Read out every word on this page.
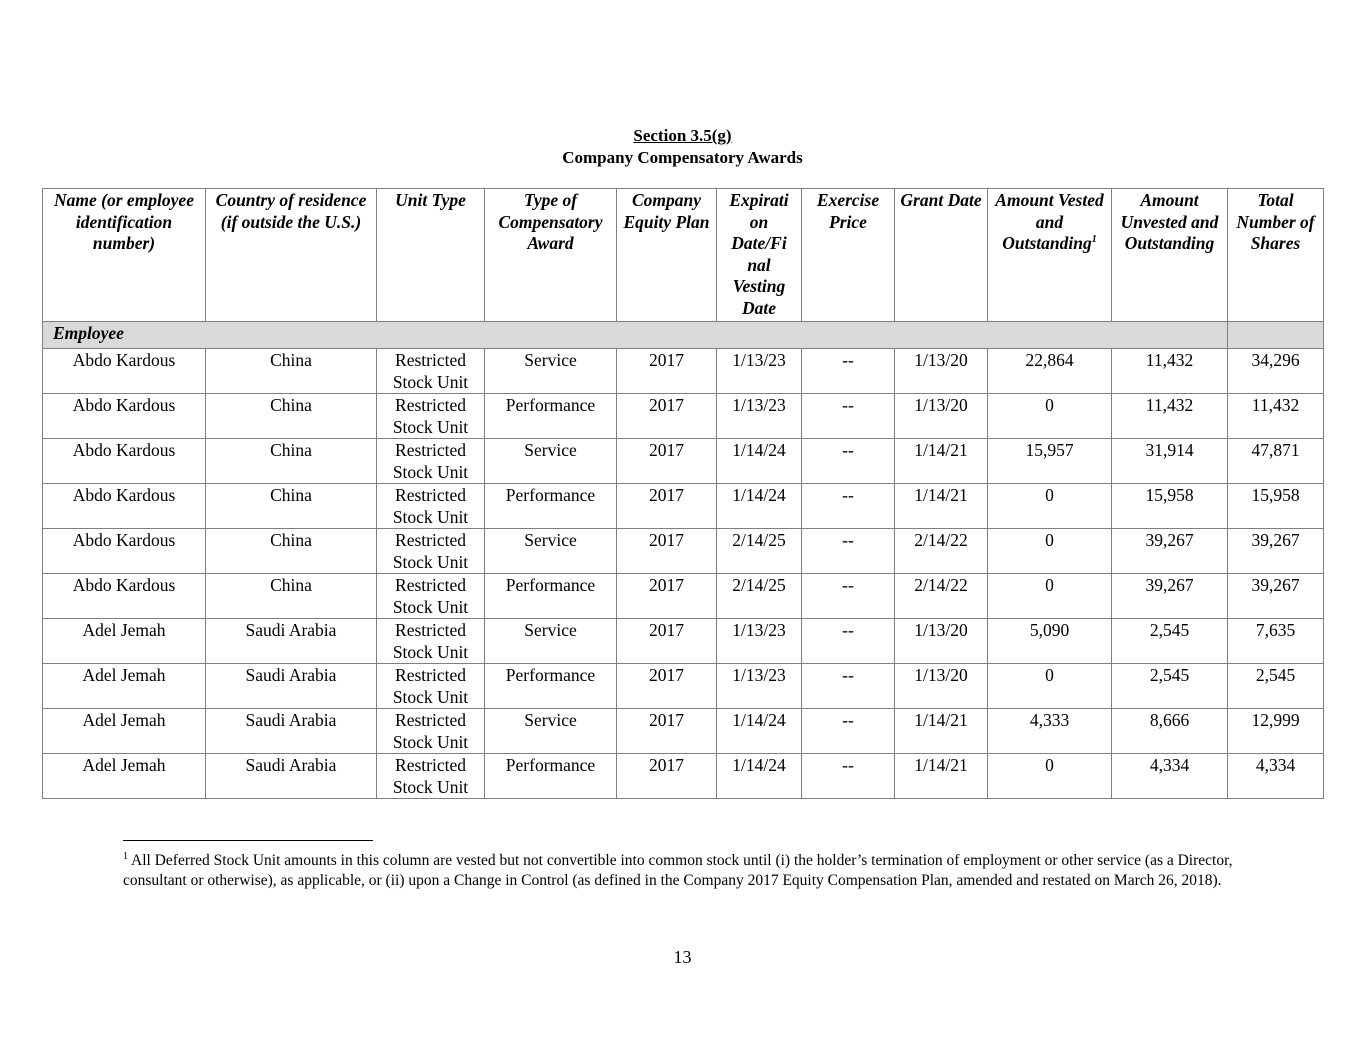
Section 3.5(g)
Company Compensatory Awards
Name (or employee identification number)	Country of residence (if outside the U.S.)	Unit Type	Type of Compensatory Award	Company Equity Plan	Expirati on Date/Fi nal Vesting Date	Exercise Price	Grant Date	Amount Vested and Outstanding$^1$	Amount Unvested and Outstanding	Total Number of Shares
Employee										
Abdo Kardous	China	Restricted Stock Unit	Service	2017	1/13/23	--	1/13/20	22,864	11,432	34,296
Abdo Kardous	China	Restricted Stock Unit	Performance	2017	1/13/23	--	1/13/20	0	11,432	11,432
Abdo Kardous	China	Restricted Stock Unit	Service	2017	1/14/24	--	1/14/21	15,957	31,914	47,871
Abdo Kardous	China	Restricted Stock Unit	Performance	2017	1/14/24	--	1/14/21	0	15,958	15,958
Abdo Kardous	China	Restricted Stock Unit	Service	2017	2/14/25	--	2/14/22	0	39,267	39,267
Abdo Kardous	China	Restricted Stock Unit	Performance	2017	2/14/25	--	2/14/22	0	39,267	39,267
Adel Jemah	Saudi Arabia	Restricted Stock Unit	Service	2017	1/13/23	--	1/13/20	5,090	2,545	7,635
Adel Jemah	Saudi Arabia	Restricted Stock Unit	Performance	2017	1/13/23	--	1/13/20	0	2,545	2,545
Adel Jemah	Saudi Arabia	Restricted Stock Unit	Service	2017	1/14/24	--	1/14/21	4,333	8,666	12,999
Adel Jemah	Saudi Arabia	Restricted Stock Unit	Performance	2017	1/14/24	--	1/14/21	0	4,334	4,334
$^1$ All Deferred Stock Unit amounts in this column are vested but not convertible into common stock until (i) the holder’s termination of employment or other service (as a Director, consultant or otherwise), as applicable, or (ii) upon a Change in Control (as defined in the Company 2017 Equity Compensation Plan, amended and restated on March 26, 2018).
13
